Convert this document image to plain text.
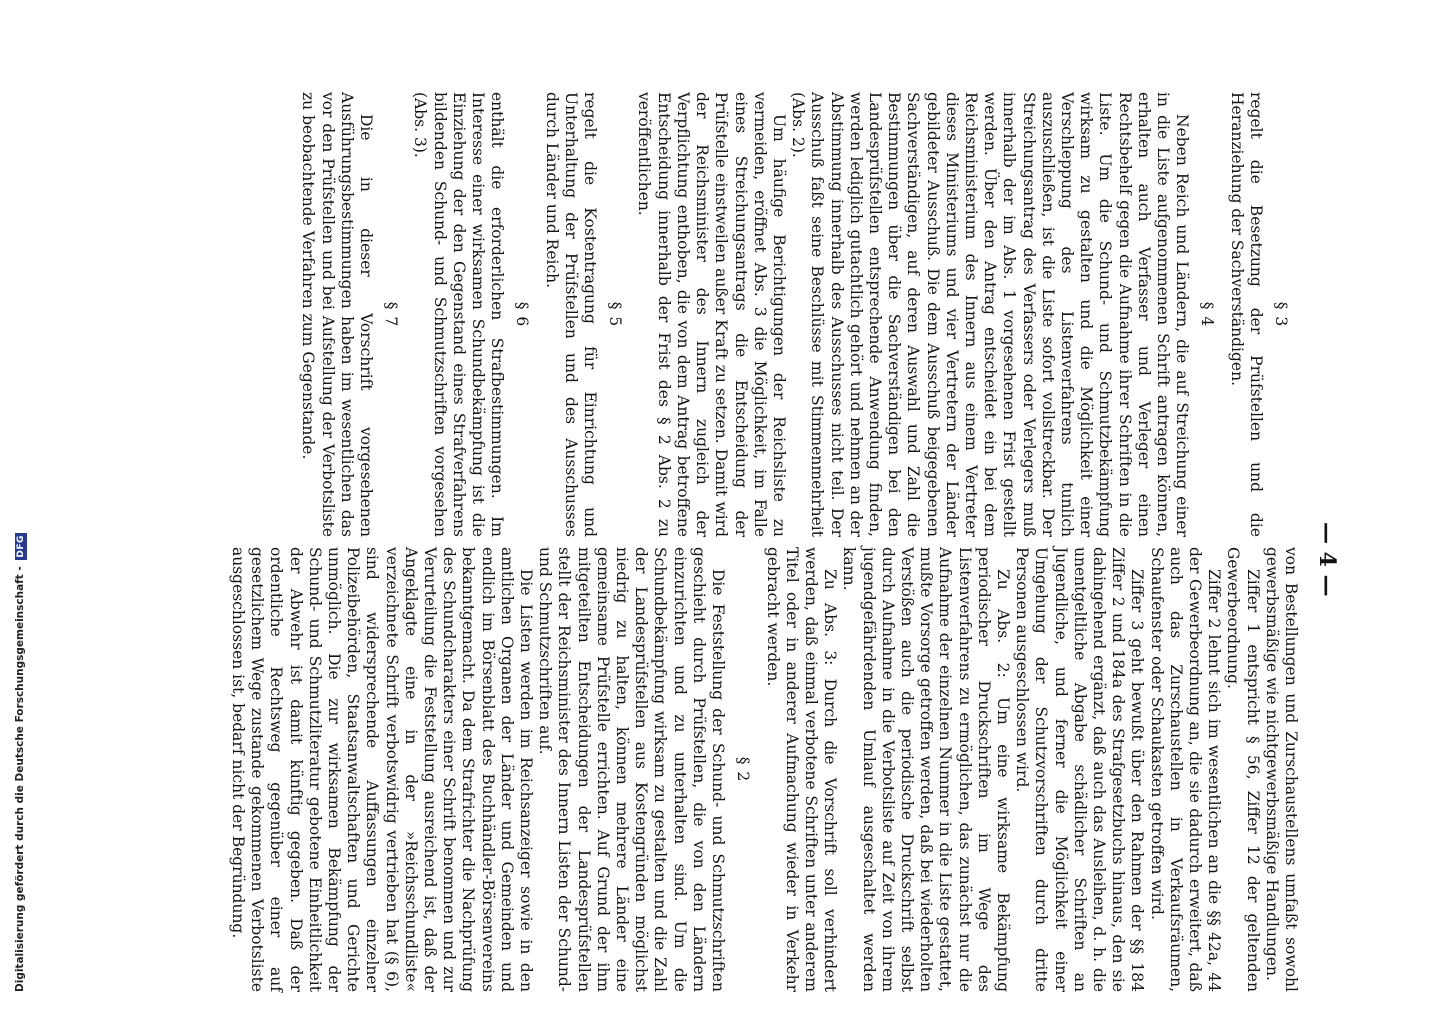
— 4 —
§ 3

regelt die Besetzung der Prüfstellen und die Heranziehung der Sachverständigen.

§ 4

Neben Reich und Ländern, die auf Streichung einer in die Liste aufgenommenen Schrift antragen können, erhalten auch Verfasser und Verleger einen Rechtsbehelf gegen die Aufnahme ihrer Schriften in die Liste. Um die Schund- und Schmutzbekämpfung wirksam zu gestalten und die Möglichkeit einer Verschleppung des Listenverfahrens tunlich auszuschließen, ist die Liste sofort vollstreckbar. Der Streichungsantrag des Verfassers oder Verlegers muß innerhalb der im Abs. 1 vorgesehenen Frist gestellt werden. Über den Antrag entscheidet ein bei dem Reichsministerium des Innern aus einem Vertreter dieses Ministeriums und vier Vertretern der Länder gebildeter Ausschuß. Die dem Ausschuß beigegebenen Sachverständigen, auf deren Auswahl und Zahl die Bestimmungen über die Sachverständigen bei den Landesprüfstellen entsprechende Anwendung finden, werden lediglich gutachtlich gehört und nehmen an der Abstimmung innerhalb des Ausschusses nicht teil. Der Ausschuß faßt seine Beschlüsse mit Stimmenmehrheit (Abs. 2).

Um häufige Berichtigungen der Reichsliste zu vermeiden, eröffnet Abs. 3 die Möglichkeit, im Falle eines Streichungsantrags die Entscheidung der Prüfstelle einstweilen außer Kraft zu setzen. Damit wird der Reichsminister des Innern zugleich der Verpflichtung enthoben, die von dem Antrag betroffene Entscheidung innerhalb der Frist des § 2 Abs. 2 zu veröffentlichen.

§ 5

regelt die Kostentragung für Einrichtung und Unterhaltung der Prüfstellen und des Ausschusses durch Länder und Reich.

§ 6

enthält die erforderlichen Strafbestimmungen. Im Interesse einer wirksamen Schundbekämpfung ist die Einziehung der den Gegenstand eines Strafverfahrens bildenden Schund- und Schmutzschriften vorgesehen (Abs. 3).

§ 7

Die in dieser Vorschrift vorgesehenen Ausführungsbestimmungen haben im wesentlichen das vor den Prüfstellen und bei Aufstellung der Verbotsliste zu beobachtende Verfahren zum Gegenstande.

von Bestellungen und Zurschaustellens umfaßt sowohl gewerbsmäßige wie nichtgewerbsmäßige Handlungen.

Ziffer 1 entspricht § 56, Ziffer 12 der geltenden Gewerbeordnung.

Ziffer 2 lehnt sich im wesentlichen an die §§ 42a, 44 der Gewerbeordnung an, die sie dadurch erweitert, daß auch das Zurschaustellen in Verkaufsräumen, Schaufenster oder Schaukasten getroffen wird.

Ziffer 3 geht bewußt über den Rahmen der §§ 184 Ziffer 2 und 184a des Strafgesetzbuchs hinaus, den sie dahingehend ergänzt, daß auch das Ausleihen, d. h. die unentgeltliche Abgabe schädlicher Schriften an Jugendliche, und ferner die Möglichkeit einer Umgehung der Schutzvorschriften durch dritte Personen ausgeschlossen wird.

Zu Abs. 2: Um eine wirksame Bekämpfung periodischer Druckschriften im Wege des Listenverfahrens zu ermöglichen, das zunächst nur die Aufnahme der einzelnen Nummer in die Liste gestattet, mußte Vorsorge getroffen werden, daß bei wiederholten Verstößen auch die periodische Druckschrift selbst durch Aufnahme in die Verbotsliste auf Zeit von ihrem jugendgefährdenden Umlauf ausgeschaltet werden kann.

Zu Abs. 3: Durch die Vorschrift soll verhindert werden, daß einmal verbotene Schriften unter anderem Titel oder in anderer Aufmachung wieder in Verkehr gebracht werden.

§ 2

Die Feststellung der Schund- und Schmutzschriften geschieht durch Prüfstellen, die von den Ländern einzurichten und zu unterhalten sind. Um die Schundbekämpfung wirksam zu gestalten und die Zahl der Landesprüfstellen aus Kostengründen möglichst niedrig zu halten, können mehrere Länder eine gemeinsame Prüfstelle errichten. Auf Grund der ihm mitgeteilten Entscheidungen der Landesprüfstellen stellt der Reichsminister des Innern Listen der Schund- und Schmutzschriften auf.

Die Listen werden im Reichsanzeiger sowie in den amtlichen Organen der Länder und Gemeinden und endlich im Börsenblatt des Buchhändler-Börsenvereins bekanntgemacht. Da dem Strafrichter die Nachprüfung des Schundcharakters einer Schrift benommen und zur Verurteilung die Feststellung ausreichend ist, daß der Angeklagte eine in der »Reichsschundliste« verzeichnete Schrift verbotswidrig vertrieben hat (§ 6), sind widersprechende Auffassungen einzelner Polizeibehörden, Staatsanwaltschaften und Gerichte unmöglich. Die zur wirksamen Bekämpfung der Schund- und Schmutzliteratur gebotene Einheitlichkeit der Abwehr ist damit künftig gegeben. Daß der ordentliche Rechtsweg gegenüber einer auf gesetzlichem Wege zustande gekommenen Verbotsliste ausgeschlossen ist, bedarf nicht der Begründung.

Digitalisierung gefördert durch die Deutsche Forschungsgemeinschaft - DFG
